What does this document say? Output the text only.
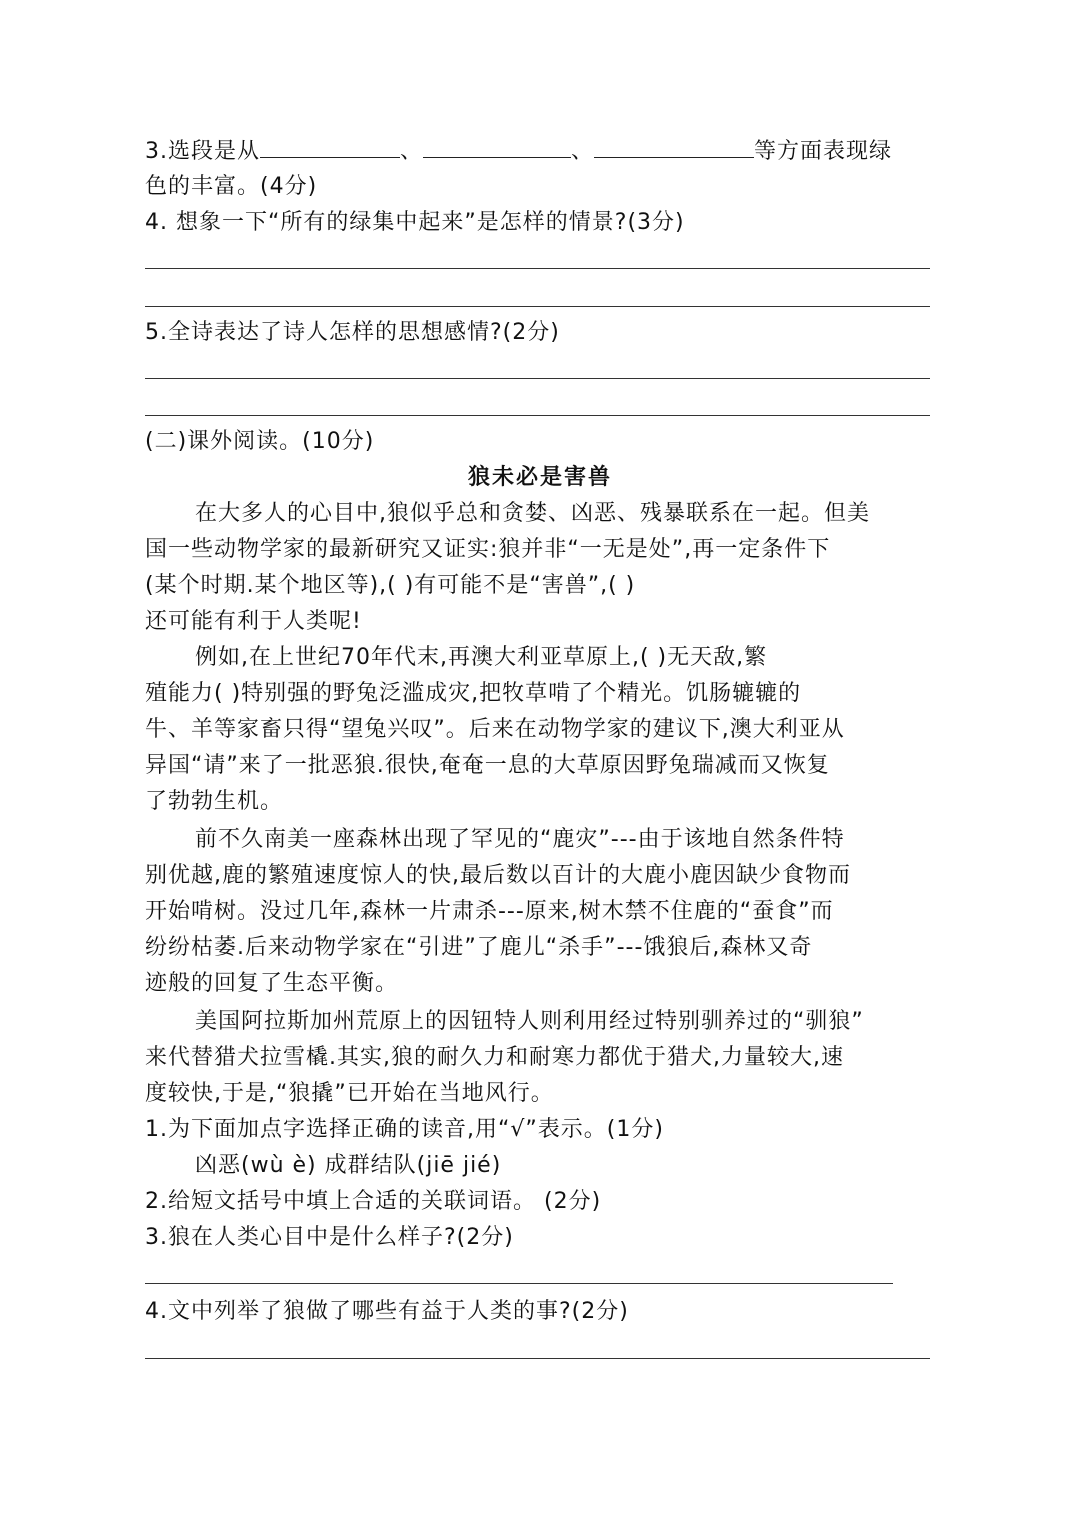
3.选段是从	、	、	等方面表现绿
色的丰富。(4分)
4. 想象一下“所有的绿集中起来”是怎样的情景?(3分)
5.全诗表达了诗人怎样的思想感情?(2分)
(二)课外阅读。(10分)
狼未必是害兽
在大多人的心目中,狼似乎总和贪婪、凶恶、残暴联系在一起。但美
国一些动物学家的最新研究又证实:狼并非“一无是处”,再一定条件下
(某个时期.某个地区等),( )有可能不是“害兽”,( )
还可能有利于人类呢!
例如,在上世纪70年代末,再澳大利亚草原上,( )无天敌,繁
殖能力( )特别强的野兔泛滥成灾,把牧草啃了个精光。饥肠辘辘的
牛、羊等家畜只得“望兔兴叹”。后来在动物学家的建议下,澳大利亚从
异国“请”来了一批恶狼.很快,奄奄一息的大草原因野兔瑞减而又恢复
了勃勃生机。
前不久南美一座森林出现了罕见的“鹿灾”---由于该地自然条件特
别优越,鹿的繁殖速度惊人的快,最后数以百计的大鹿小鹿因缺少食物而
开始啃树。没过几年,森林一片肃杀---原来,树木禁不住鹿的“蚕食”而
纷纷枯萎.后来动物学家在“引进”了鹿儿“杀手”---饿狼后,森林又奇
迹般的回复了生态平衡。
美国阿拉斯加州荒原上的因钮特人则利用经过特别驯养过的“驯狼”
来代替猎犬拉雪橇.其实,狼的耐久力和耐寒力都优于猎犬,力量较大,速
度较快,于是,“狼撬”已开始在当地风行。
1.为下面加点字选择正确的读音,用“√”表示。(1分)
凶恶(wù è) 成群结队(jiē jié)
2.给短文括号中填上合适的关联词语。 (2分)
3.狼在人类心目中是什么样子?(2分)
4.文中列举了狼做了哪些有益于人类的事?(2分)
